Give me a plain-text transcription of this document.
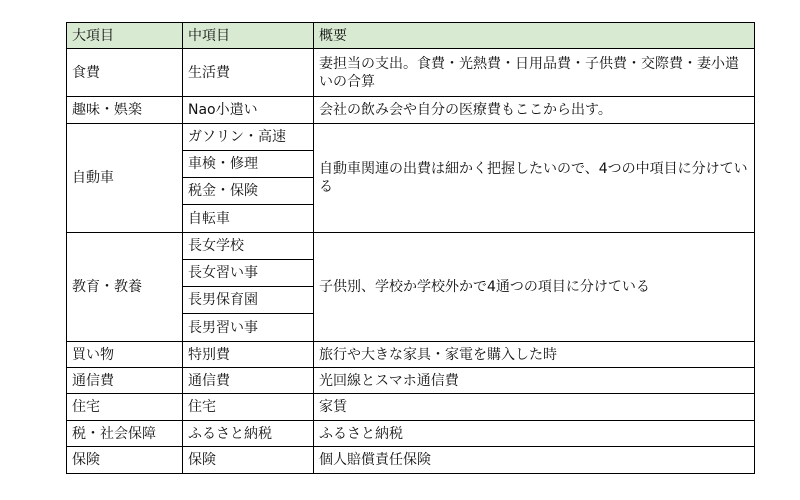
大項目	中項目	概要
食費	生活費	妻担当の支出。食費・光熱費・日用品費・子供費・交際費・妻小遣いの合算
趣味・娯楽	Nao小遣い	会社の飲み会や自分の医療費もここから出す。
自動車	ガソリン・高速	自動車関連の出費は細かく把握したいので、4つの中項目に分けている
	車検・修理	
	税金・保険	
	自転車	
教育・教養	長女学校	子供別、学校か学校外かで4通つの項目に分けている
	長女習い事	
	長男保育園	
	長男習い事	
買い物	特別費	旅行や大きな家具・家電を購入した時
通信費	通信費	光回線とスマホ通信費
住宅	住宅	家賃
税・社会保障	ふるさと納税	ふるさと納税
保険	保険	個人賠償責任保険
